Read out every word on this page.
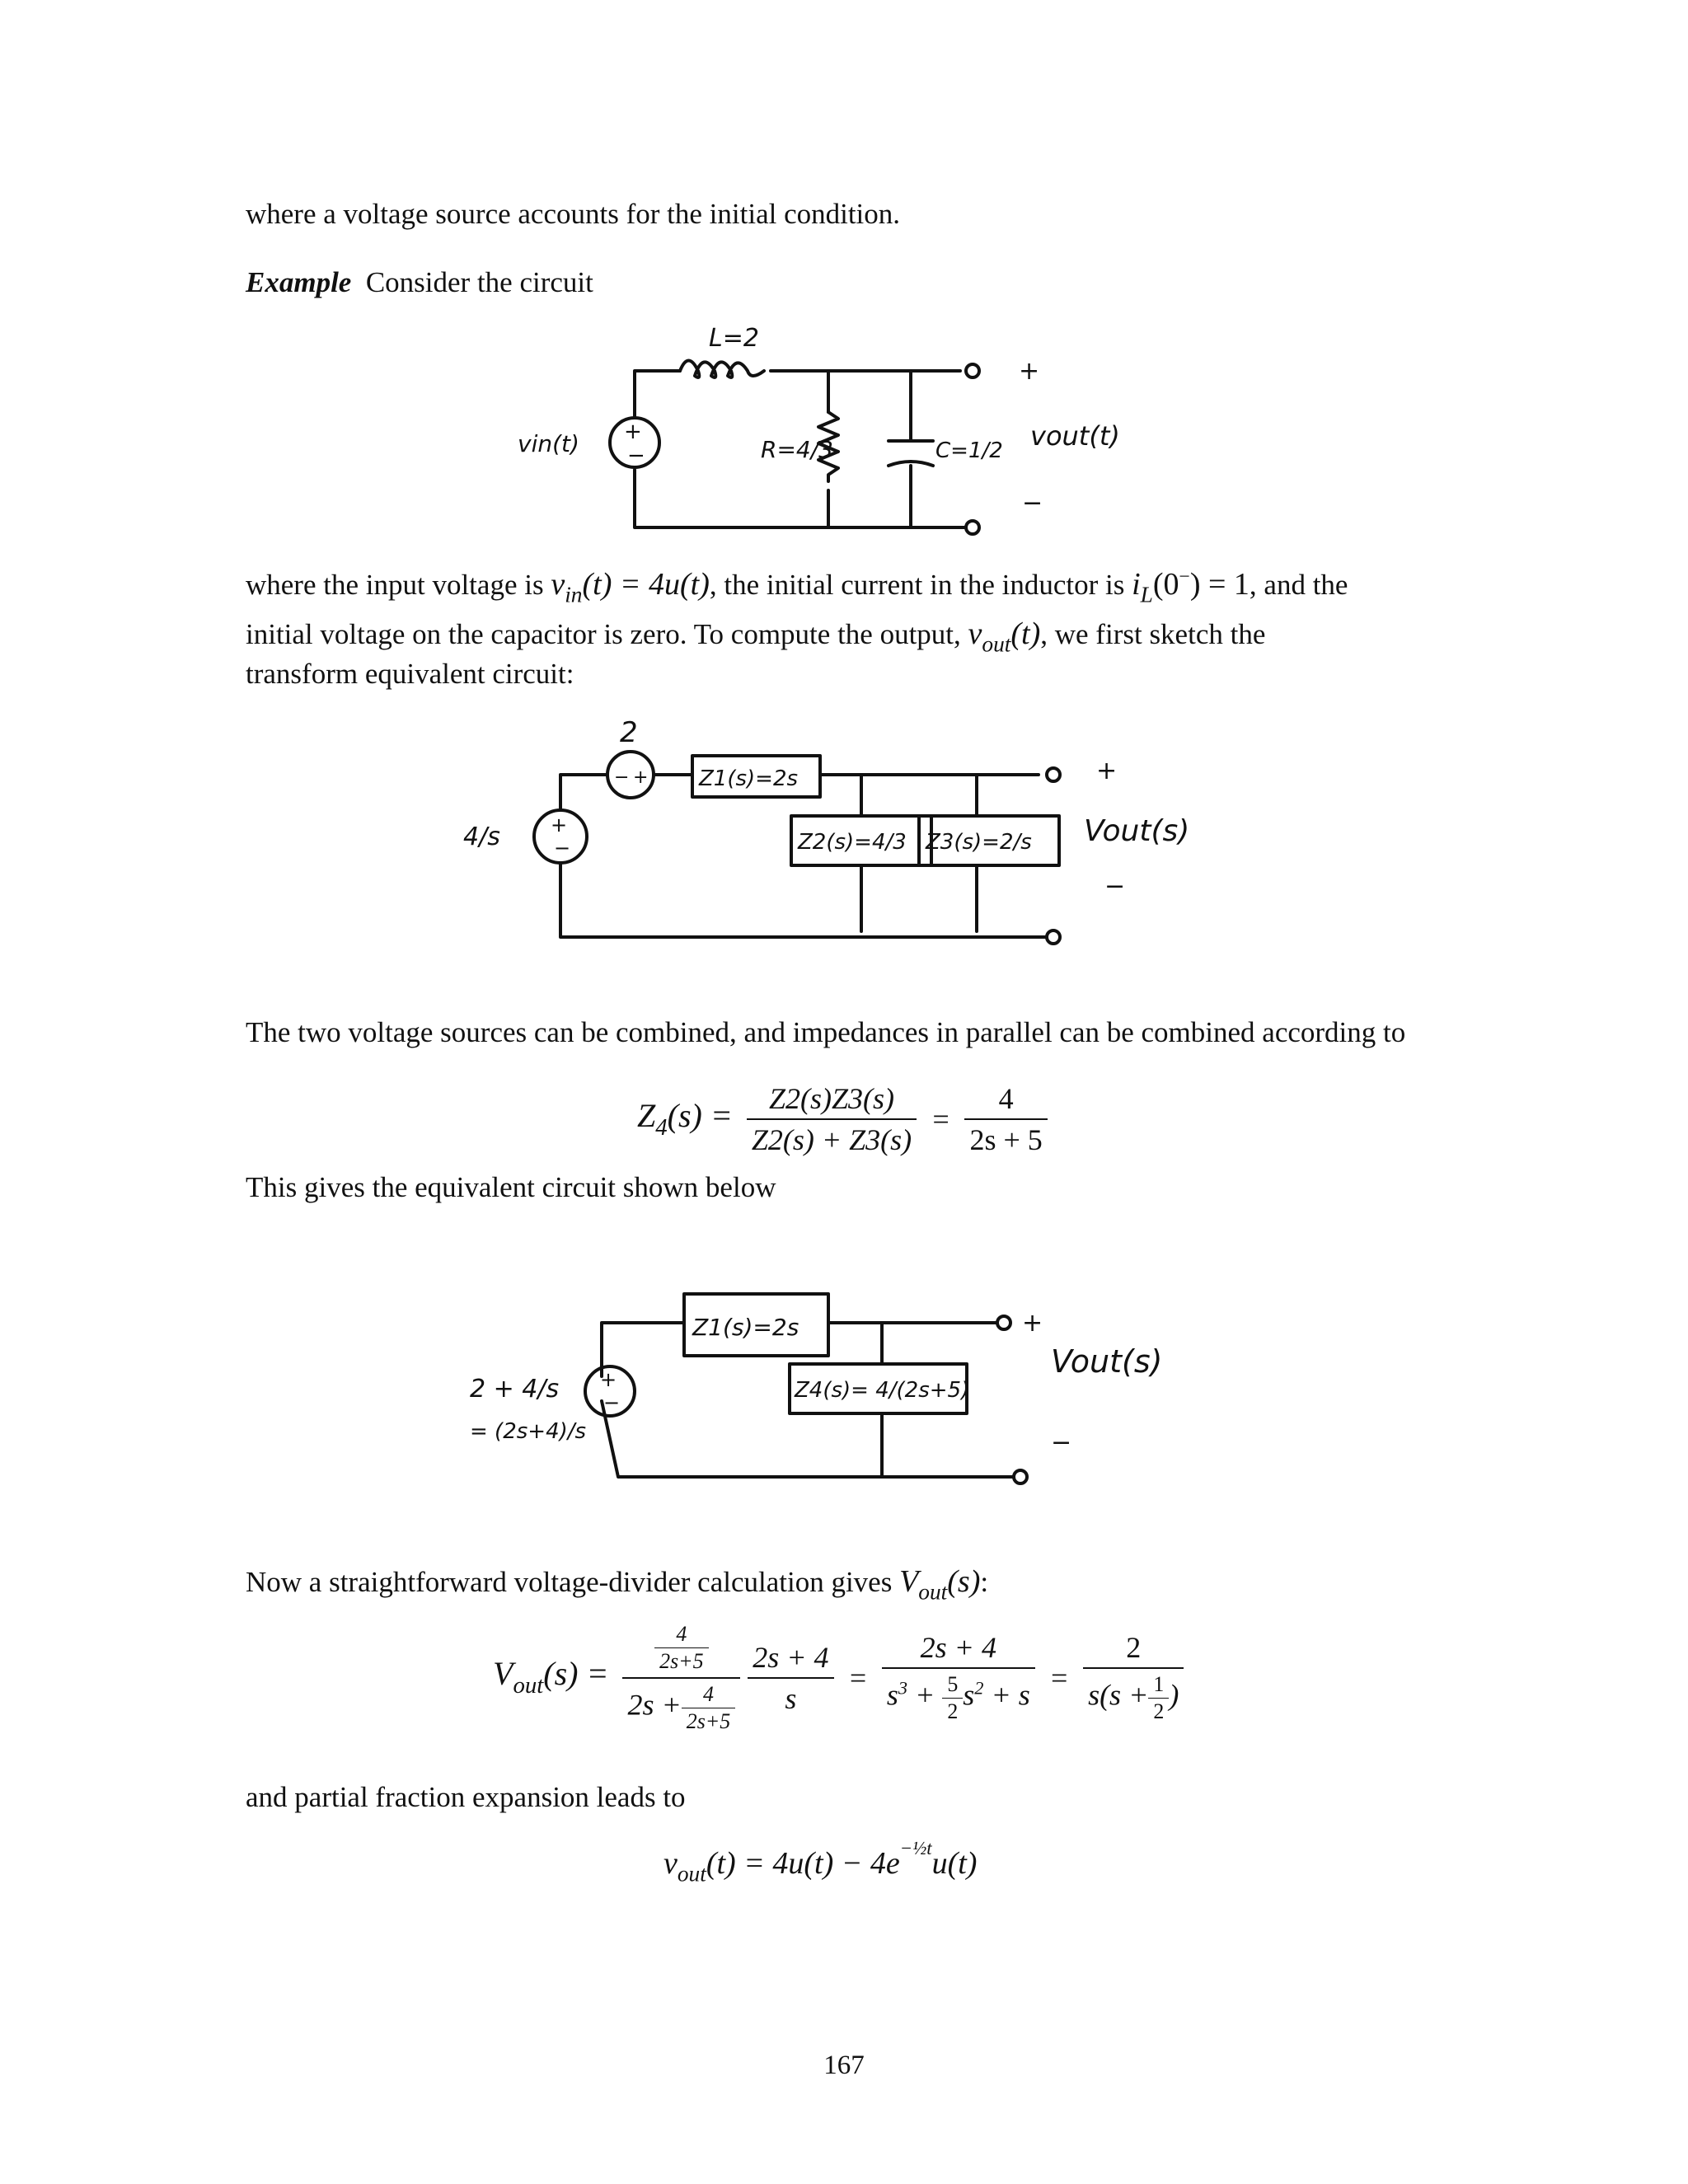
where a voltage source accounts for the initial condition.
Example Consider the circuit
L=2
+
−
vin(t)	R=4/3	C=1/2
+
vout(t)
−
where the input voltage is $v_{in}(t) = 4u(t)$, the initial current in the inductor is $i_L(0^-) = 1$, and the
initial voltage on the capacitor is zero. To compute the output, $v_{out}(t)$, we first sketch the
transform equivalent circuit:
2
− + Z1(s)=2s
+
−
4/s	Z2(s)=4/3 Z3(s)=2/s
+
Vout(s)
−
The two voltage sources can be combined, and impedances in parallel can be combined according to
$Z_4(s) = \frac{Z2(s)Z3(s)}{Z2(s) + Z3(s)} = \frac{4}{2s + 5}$
This gives the equivalent circuit shown below
+
−
2 + 4/s
= (2s+4)/s
Z1(s)=2s
Z4(s)= 4/(2s+5)
+
Vout(s)
−
Now a straightforward voltage-divider calculation gives $V_{out}(s)$:
$V_{out}(s) = \frac{\frac{4}{2s+5}}{2s + \frac{4}{2s+5}}$
$\frac{2s + 4}{s} = \frac{2s + 4}{s^3 + \frac{5}{2} s^2 + s} = \frac{2}{s(s + \frac{1}{2} )}$
and partial fraction expansion leads to
$v_{out}(t) = 4u(t) - 4e^{-\frac{1}{2}t}u(t)$
167
